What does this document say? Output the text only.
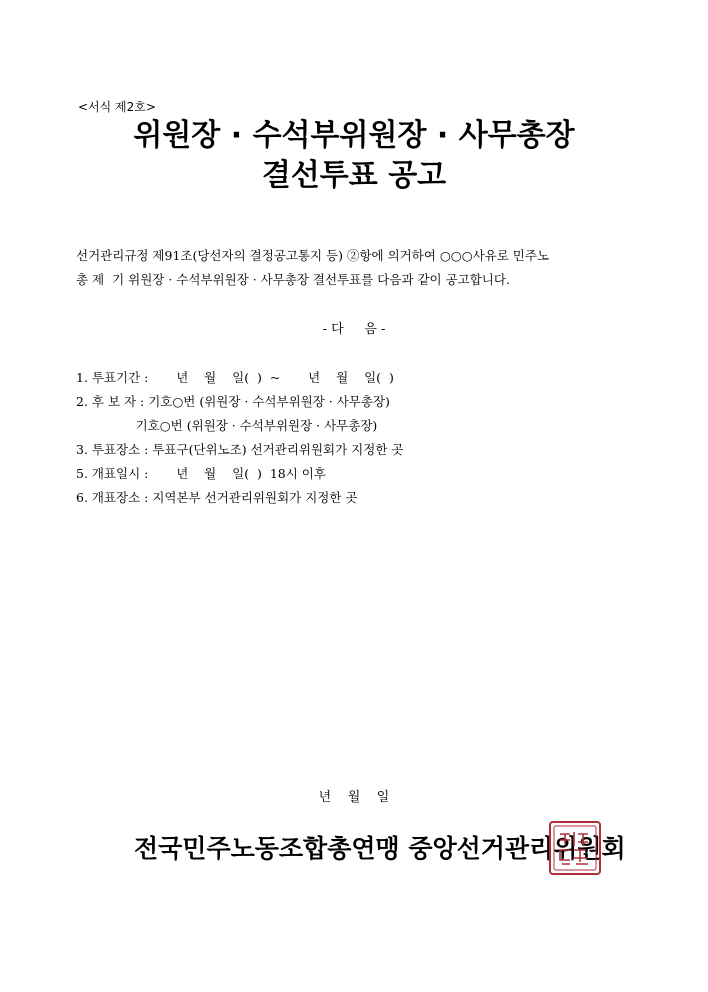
<서식 제2호>
위원장 · 수석부위원장 · 사무총장
결선투표 공고
선거관리규정 제91조(당선자의 결정공고통지 등) ②항에 의거하여 ○○○사유로 민주노
총 제  기 위원장 · 수석부위원장 · 사무총장 결선투표를 다음과 같이 공고합니다.
- 다     음 -
1. 투표기간 :       년    월    일(  )  ~       년    월    일(  )
2. 후 보 자 : 기호○번 (위원장 · 수석부위원장 · 사무총장)
기호○번 (위원장 · 수석부위원장 · 사무총장)
3. 투표장소 : 투표구(단위노조) 선거관리위원회가 지정한 곳
5. 개표일시 :       년    월    일(  )  18시 이후
6. 개표장소 : 지역본부 선거관리위원회가 지정한 곳
년    월    일
전국민주노동조합총연맹 중앙선거관리위원회
